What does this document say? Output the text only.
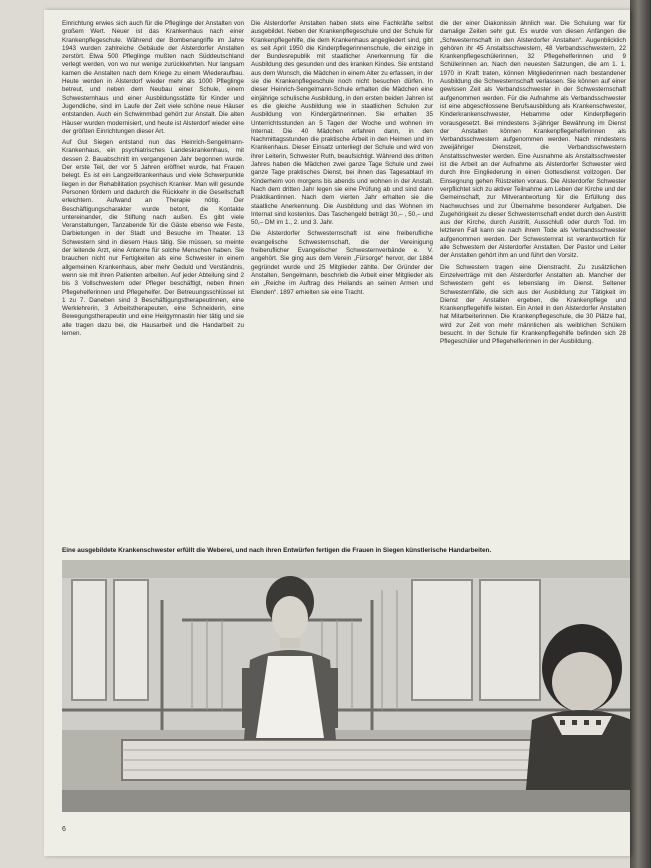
Einrichtung erwies sich auch für die Pfleglinge der Anstalten von großem Wert. Neuer ist das Krankenhaus nach einer Krankenpflegeschule. Während der Bombenangriffe im Jahre 1943 wurden zahlreiche Gebäude der Alsterdorfer Anstalten zerstört. Etwa 500 Pfleglinge mußten nach Süddeutschland verlegt werden, von wo nur wenige zurückkehrten. Nur langsam kamen die Anstalten nach dem Kriege zu einem Wiederaufbau. Heute werden in Alsterdorf wieder mehr als 1000 Pfleglinge betreut, und neben dem Neubau einer Schule, einem Schwesternhaus und einer Ausbildungsstätte für Kinder und Jugendliche, sind im Laufe der Zeit viele schöne neue Häuser entstanden. Auch ein Schwimmbad gehört zur Anstalt. Die alten Häuser wurden modernisiert, und heute ist Alsterdorf wieder eine der größten Einrichtungen dieser Art.

Auf Gut Siegen entstand nun das Heinrich-Sengelmann-Krankenhaus, ein psychiatrisches Landeskrankenhaus, mit dessen 2. Bauabschnitt im vergangenen Jahr begonnen wurde. Der erste Teil, der vor 5 Jahren eröffnet wurde, hat Frauen belegt. Es ist ein Langzeitkrankenhaus und viele Schwerpunkte liegen in der Rehabilitation psychisch Kranker. Man will gesunde Personen fördern und dadurch die Rückkehr in die Gesellschaft erleichtern. Aufwand an Therapie nötig. Der Beschäftigungscharakter wurde betont, die Kontakte untereinander, die Stiftung nach außen. Es gibt viele Veranstaltungen, Tanzabende für die Gäste ebenso wie Feste, Darbietungen in der Stadt und Besuche im Theater. 13 Schwestern sind in diesem Haus tätig. Sie müssen, so meinte der leitende Arzt, eine Antenne für solche Menschen haben. Sie brauchen nicht nur Fertigkeiten als eine Schwester in einem allgemeinen Krankenhaus, aber mehr Geduld und Verständnis, wenn sie mit ihren Patienten arbeiten. Auf jeder Abteilung sind 2 bis 3 Vollschwestern oder Pfleger beschäftigt, neben ihnen Pflegehelferinnen und Pflegehelfer. Der Betreuungsschlüssel ist 1 zu 7. Daneben sind 3 Beschäftigungstherapeutinnen, eine Werklehrerin, 3 Arbeitstherapeuten, eine Schneiderin, eine Bewegungstherapeutin und eine Heilgymnastin hier tätig und sie alle tragen dazu bei, die Hausarbeit und die Handarbeit zu lernen.

Die Alsterdorfer Anstalten haben stets eine Fachkräfte selbst ausgebildet. Neben der Krankenpflegeschule und der Schule für Krankenpflegehilfe, die dem Krankenhaus angegliedert sind, gibt es seit April 1950 die Kinderpflegerinnenschule, die einzige in der Bundesrepublik mit staatlicher Anerkennung für die Ausbildung des gesunden und des kranken Kindes. Sie entstand aus dem Wunsch, die Mädchen in einem Alter zu erfassen, in der sie die Krankenpflegeschule noch nicht besuchen dürfen. In dieser Heinrich-Sengelmann-Schule erhalten die Mädchen eine einjährige schulische Ausbildung, in den ersten beiden Jahren ist es die gleiche Ausbildung wie in staatlichen Schulen zur Ausbildung von Kindergärtnerinnen. Sie erhalten 35 Unterrichtsstunden an 5 Tagen der Woche und wohnen im Internat. Die 40 Mädchen erfahren dann, in den Nachmittagsstunden die praktische Arbeit in den Heimen und im Krankenhaus. Dieser Einsatz unterliegt der Schule und wird von ihrer Leiterin, Schwester Ruth, beaufsichtigt. Während des dritten Jahres haben die Mädchen zwei ganze Tage Schule und zwei ganze Tage praktisches Dienst, bei ihnen das Tagesablauf im Kinderheim von morgens bis abends und wohnen in der Anstalt. Nach dem dritten Jahr legen sie eine Prüfung ab und sind dann Praktikantinnen. Nach dem vierten Jahr erhalten sie die staatliche Anerkennung. Die Ausbildung und das Wohnen im Internat sind kostenlos. Das Taschengeld beträgt 30,– , 50,– und 50,– DM im 1., 2. und 3. Jahr.

Die Alsterdorfer Schwesternschaft ist eine freiberufliche evangelische Schwesternschaft, die der Vereinigung freiberuflicher Evangelischer Schwesternverbände e. V. angehört. Sie ging aus dem Verein „Fürsorge“ hervor, der 1884 gegründet wurde und 25 Mitglieder zählte. Der Gründer der Anstalten, Sengelmann, beschrieb die Arbeit einer Mitglieder als ein „Reiche im Auftrag des Heilands an seinen Armen und Elenden“. 1897 erhielten sie eine Tracht.

die der einer Diakonissin ähnlich war. Die Schulung war für damalige Zeiten sehr gut. Es wurde von diesen Anfängen die „Schwesternschaft in den Alsterdorfer Anstalten“. Augenblicklich gehören ihr 45 Anstaltsschwestern, 48 Verbandsschwestern, 22 Krankenpflegeschülerinnen, 32 Pflegehelferinnen und 9 Schülerinnen an. Nach den neuesten Satzungen, die am 1. 1. 1970 in Kraft traten, können Mitgliederinnen nach bestandener Ausbildung die Schwesternschaft verlassen. Sie können auf einer gewissen Zeit als Verbandsschwester in der Schwesternschaft aufgenommen werden. Für die Aufnahme als Verbandsschwester ist eine abgeschlossene Berufsausbildung als Krankenschwester, Kinderkrankenschwester, Hebamme oder Kinderpflegerin vorausgesetzt. Bei mindestens 3-jähriger Bewährung im Dienst der Anstalten können Krankenpflegehelferinnen als Verbandsschwestern aufgenommen werden. Nach mindestens zweijähriger Dienstzeit, die Verbandsschwestern Anstaltsschwester werden. Eine Ausnahme als Anstaltsschwester ist die Arbeit an der Aufnahme als Alsterdorfer Schwester wird durch ihre Eingliederung in einen Gottesdienst vollzogen. Der Einsegnung gehen Rüstzeiten voraus. Die Alsterdorfer Schwester verpflichtet sich zu aktiver Teilnahme am Leben der Kirche und der Gemeinschaft, zur Mitverantwortung für die Erfüllung des Nachwuchses und zur Übernahme besonderer Aufgaben. Die Zugehörigkeit zu dieser Schwesternschaft endet durch den Austritt aus der Kirche, durch Austritt, Ausschluß oder durch Tod. Im letzteren Fall kann sie nach ihrem Tode als Verbandsschwester aufgenommen werden. Der Schwesternrat ist verantwortlich für alle Schwestern der Alsterdorfer Anstalten. Der Pastor und Leiter der Anstalten gehört ihm an und führt den Vorsitz.

Die Schwestern tragen eine Dienstracht. Zu zusätzlichen Einzelverträge mit den Alsterdorfer Anstalten ab. Mancher der Schwestern geht es lebenslang im Dienst. Seltener Schwesternfälle, die sich aus der Ausbildung zur Tätigkeit im Dienst der Anstalten ergeben, die Krankenpflege und Krankenpflegehilfe leisten. Ein Anteil in den Alsterdorfer Anstalten hat Mitarbeiterinnen. Die Krankenpflegeschule, die 30 Plätze hat, wird zur Zeit von mehr männlichen als weiblichen Schülern besucht. In der Schule für Krankenpflegehilfe befinden sich 28 Pflegeschüler und Pflegehelferinnen in der Ausbildung.

Eine ausgebildete Krankenschwester erfüllt die Weberei, und nach ihren Entwürfen fertigen die Frauen in Siegen künstlerische Handarbeiten.
6
